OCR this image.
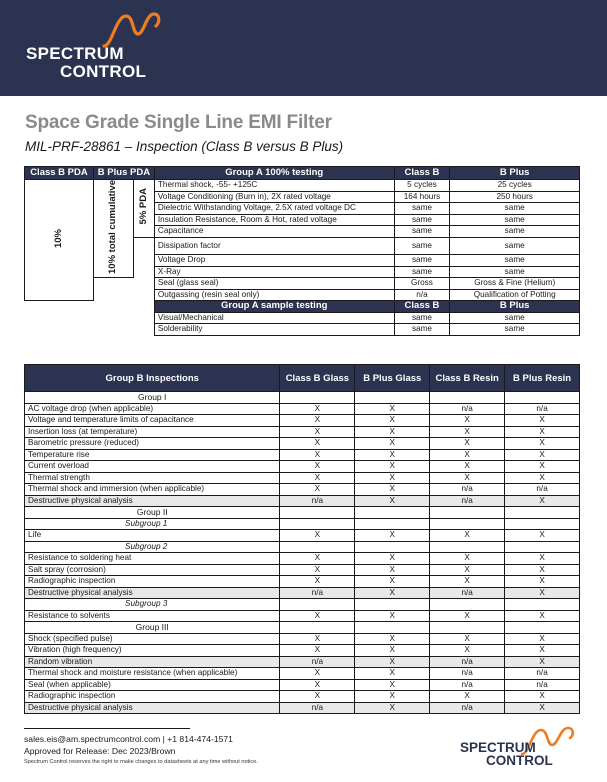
SPECTRUM
CONTROL
Space Grade Single Line EMI Filter
MIL-PRF-28861 – Inspection (Class B versus B Plus)
Class B PDA	B Plus PDA		Group A 100% testing	Class B	B Plus
10%	10% total cumulative	5% PDA	Thermal shock, -55- +125C	5 cycles	25 cycles
			Voltage Conditioning (Burn in), 2X rated voltage	164 hours	250 hours
			Dielectric Withstanding Voltage, 2.5X rated voltage DC	same	same
			Insulation Resistance, Room & Hot, rated voltage	same	same
			Capacitance	same	same
			Dissipation factor	same	same
			Voltage Drop	same	same
			X-Ray	same	same
			Seal (glass seal)	Gross	Gross & Fine (Helium)
			Outgassing (resin seal only)	n/a	Qualification of Potting
			Group A sample testing	Class B	B Plus
			Visual/Mechanical	same	same
			Solderability	same	same
Group B Inspections	Class B Glass	B Plus Glass	Class B Resin	B Plus Resin
Group I				
AC voltage drop (when applicable)	X	X	n/a	n/a
Voltage and temperature limits of capacitance	X	X	X	X
Insertion loss (at temperature)	X	X	X	X
Barometric pressure (reduced)	X	X	X	X
Temperature rise	X	X	X	X
Current overload	X	X	X	X
Thermal strength	X	X	X	X
Thermal shock and immersion (when applicable)	X	X	n/a	n/a
Destructive physical analysis	n/a	X	n/a	X
Group II				
Subgroup 1				
Life	X	X	X	X
Subgroup 2				
Resistance to soldering heat	X	X	X	X
Salt spray (corrosion)	X	X	X	X
Radiographic inspection	X	X	X	X
Destructive physical analysis	n/a	X	n/a	X
Subgroup 3				
Resistance to solvents	X	X	X	X
Group III				
Shock (specified pulse)	X	X	X	X
Vibration (high frequency)	X	X	X	X
Random vibration	n/a	X	n/a	X
Thermal shock and moisture resistance (when applicable)	X	X	n/a	n/a
Seal (when applicable)	X	X	n/a	n/a
Radiographic inspection	X	X	X	X
Destructive physical analysis	n/a	X	n/a	X
sales.eis@am.spectrumcontrol.com | +1 814-474-1571
Approved for Release: Dec 2023/Brown
Spectrum Control reserves the right to make changes to datasheets at any time without notice.
SPECTRUM
CONTROL
